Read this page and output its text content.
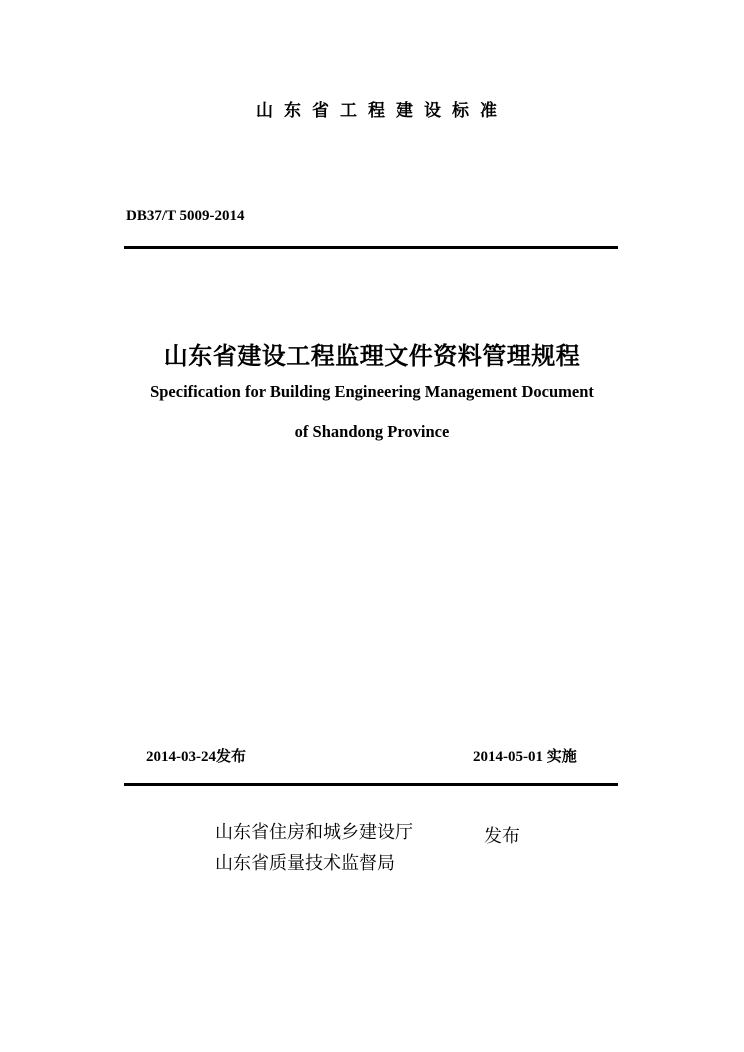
山东省工程建设标准
DB37/T 5009-2014
山东省建设工程监理文件资料管理规程
Specification for Building Engineering Management Document
of Shandong Province
2014-03-24发布	2014-05-01 实施
山东省住房和城乡建设厅
山东省质量技术监督局
发布
